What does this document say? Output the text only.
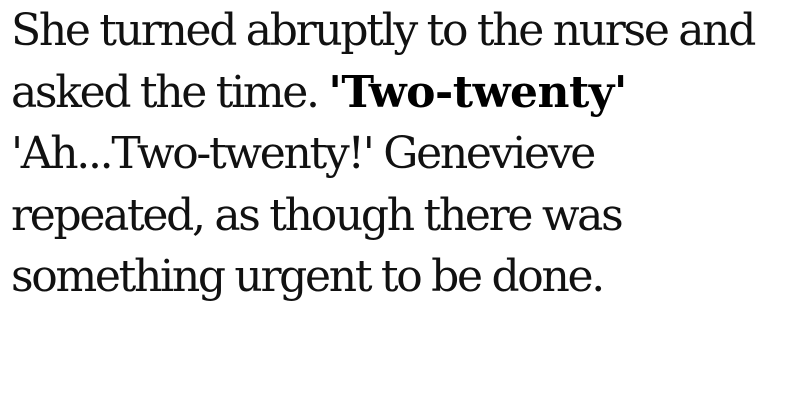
She turned abruptly to the nurse and
asked the time. 'Two-twenty'
'Ah...Two-twenty!' Genevieve
repeated, as though there was
something urgent to be done.
